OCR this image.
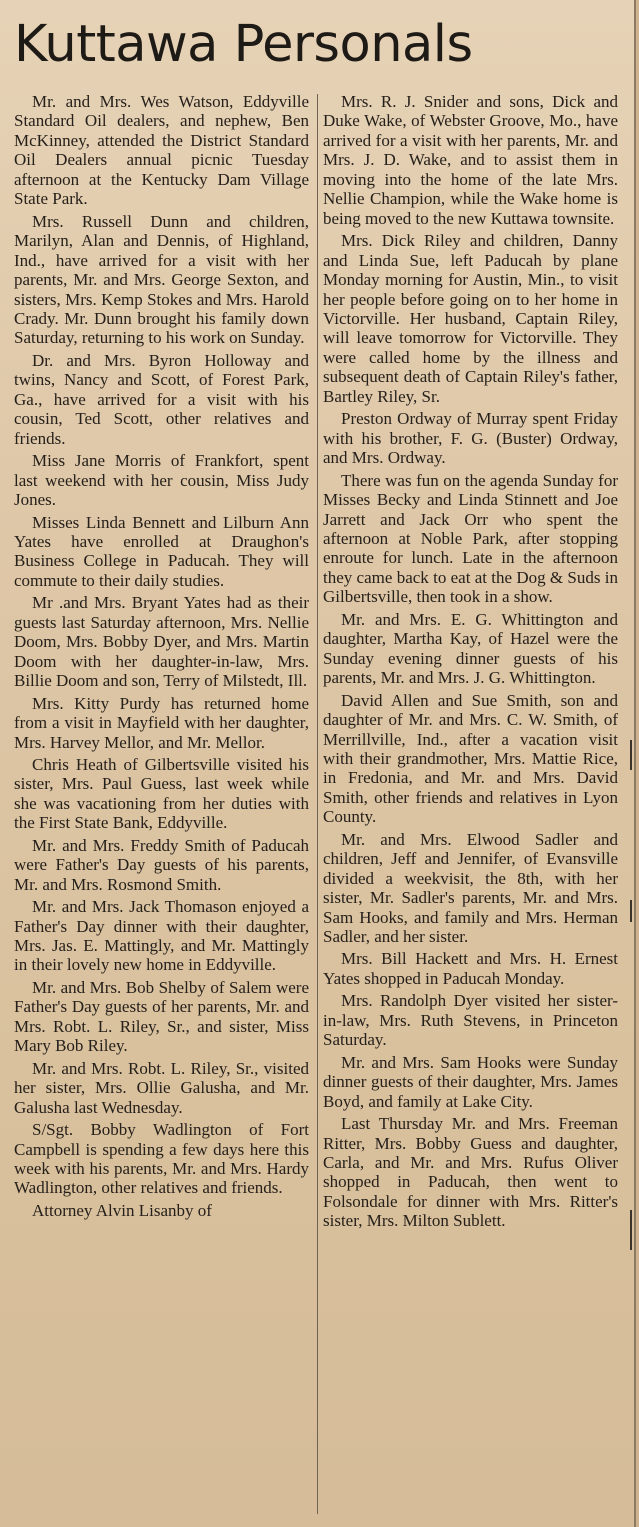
Kuttawa Personals

Mr. and Mrs. Wes Watson, Eddyville Standard Oil dealers, and nephew, Ben McKinney, attended the District Standard Oil Dealers annual picnic Tuesday afternoon at the Kentucky Dam Village State Park.

Mrs. Russell Dunn and children, Marilyn, Alan and Dennis, of Highland, Ind., have arrived for a visit with her parents, Mr. and Mrs. George Sexton, and sisters, Mrs. Kemp Stokes and Mrs. Harold Crady. Mr. Dunn brought his family down Saturday, returning to his work on Sunday.

Dr. and Mrs. Byron Holloway and twins, Nancy and Scott, of Forest Park, Ga., have arrived for a visit with his cousin, Ted Scott, other relatives and friends.

Miss Jane Morris of Frankfort, spent last weekend with her cousin, Miss Judy Jones.

Misses Linda Bennett and Lilburn Ann Yates have enrolled at Draughon's Business College in Paducah. They will commute to their daily studies.

Mr .and Mrs. Bryant Yates had as their guests last Saturday afternoon, Mrs. Nellie Doom, Mrs. Bobby Dyer, and Mrs. Martin Doom with her daughter-in-law, Mrs. Billie Doom and son, Terry of Milstedt, Ill.

Mrs. Kitty Purdy has returned home from a visit in Mayfield with her daughter, Mrs. Harvey Mellor, and Mr. Mellor.

Chris Heath of Gilbertsville visited his sister, Mrs. Paul Guess, last week while she was vacationing from her duties with the First State Bank, Eddyville.

Mr. and Mrs. Freddy Smith of Paducah were Father's Day guests of his parents, Mr. and Mrs. Rosmond Smith.

Mr. and Mrs. Jack Thomason enjoyed a Father's Day dinner with their daughter, Mrs. Jas. E. Mattingly, and Mr. Mattingly in their lovely new home in Eddyville.

Mr. and Mrs. Bob Shelby of Salem were Father's Day guests of her parents, Mr. and Mrs. Robt. L. Riley, Sr., and sister, Miss Mary Bob Riley.

Mr. and Mrs. Robt. L. Riley, Sr., visited her sister, Mrs. Ollie Galusha, and Mr. Galusha last Wednesday.

S/Sgt. Bobby Wadlington of Fort Campbell is spending a few days here this week with his parents, Mr. and Mrs. Hardy Wadlington, other relatives and friends.

Attorney Alvin Lisanby of

Mrs. R. J. Snider and sons, Dick and Duke Wake, of Webster Groove, Mo., have arrived for a visit with her parents, Mr. and Mrs. J. D. Wake, and to assist them in moving into the home of the late Mrs. Nellie Champion, while the Wake home is being moved to the new Kuttawa townsite.

Mrs. Dick Riley and children, Danny and Linda Sue, left Paducah by plane Monday morning for Austin, Min., to visit her people before going on to her home in Victorville. Her husband, Captain Riley, will leave tomorrow for Victorville. They were called home by the illness and subsequent death of Captain Riley's father, Bartley Riley, Sr.

Preston Ordway of Murray spent Friday with his brother, F. G. (Buster) Ordway, and Mrs. Ordway.

There was fun on the agenda Sunday for Misses Becky and Linda Stinnett and Joe Jarrett and Jack Orr who spent the afternoon at Noble Park, after stopping enroute for lunch. Late in the afternoon they came back to eat at the Dog & Suds in Gilbertsville, then took in a show.

Mr. and Mrs. E. G. Whittington and daughter, Martha Kay, of Hazel were the Sunday evening dinner guests of his parents, Mr. and Mrs. J. G. Whittington.

David Allen and Sue Smith, son and daughter of Mr. and Mrs. C. W. Smith, of Merrillville, Ind., after a vacation visit with their grandmother, Mrs. Mattie Rice, in Fredonia, and Mr. and Mrs. David Smith, other friends and relatives in Lyon County.

Mr. and Mrs. Elwood Sadler and children, Jeff and Jennifer, of Evansville divided a weekvisit, the 8th, with her sister, Mr. Sadler's parents, Mr. and Mrs. Sam Hooks, and family and Mrs. Herman Sadler, and her sister.

Mrs. Bill Hackett and Mrs. H. Ernest Yates shopped in Paducah Monday.

Mrs. Randolph Dyer visited her sister-in-law, Mrs. Ruth Stevens, in Princeton Saturday.

Mr. and Mrs. Sam Hooks were Sunday dinner guests of their daughter, Mrs. James Boyd, and family at Lake City.

Last Thursday Mr. and Mrs. Freeman Ritter, Mrs. Bobby Guess and daughter, Carla, and Mr. and Mrs. Rufus Oliver shopped in Paducah, then went to Folsondale for dinner with Mrs. Ritter's sister, Mrs. Milton Sublett.
